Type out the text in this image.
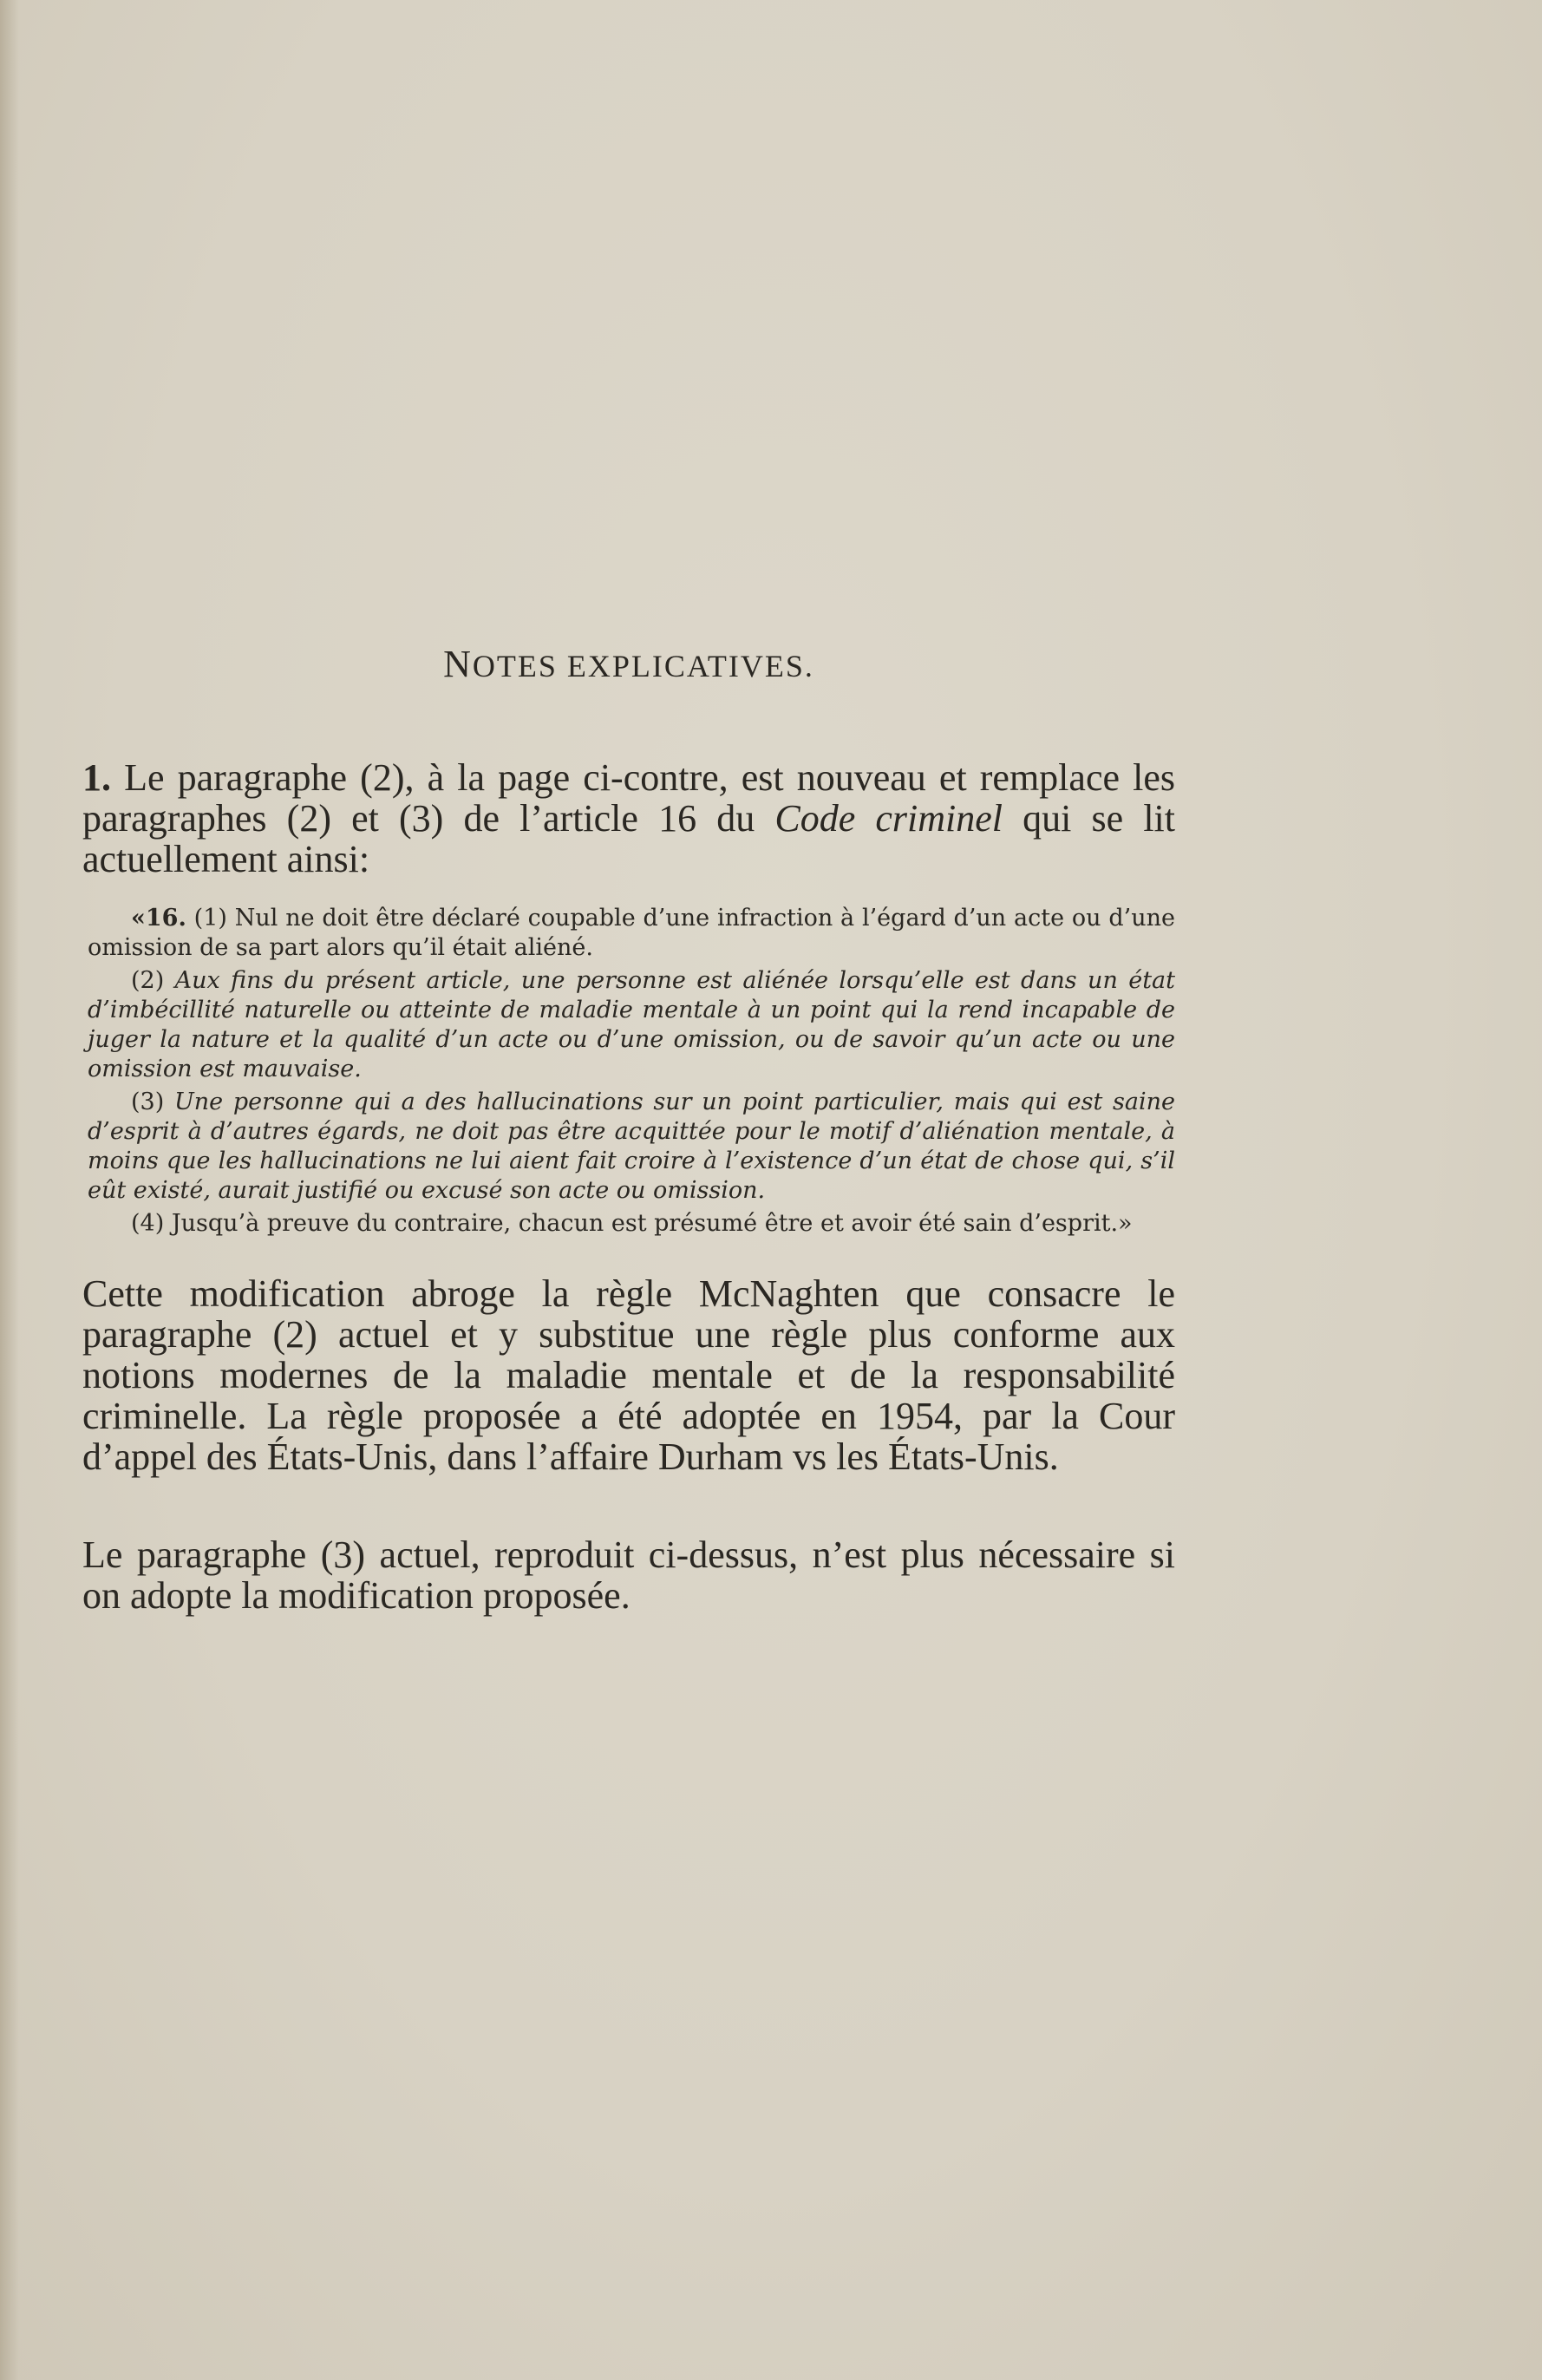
NOTES EXPLICATIVES.

1. Le paragraphe (2), à la page ci-contre, est nouveau et remplace les paragraphes (2) et (3) de l’article 16 du Code criminel qui se lit actuellement ainsi:

«16. (1) Nul ne doit être déclaré coupable d’une infraction à l’égard d’un acte ou d’une omission de sa part alors qu’il était aliéné.

(2) Aux fins du présent article, une personne est aliénée lorsqu’elle est dans un état d’imbécillité naturelle ou atteinte de maladie mentale à un point qui la rend incapable de juger la nature et la qualité d’un acte ou d’une omission, ou de savoir qu’un acte ou une omission est mauvaise.

(3) Une personne qui a des hallucinations sur un point particulier, mais qui est saine d’esprit à d’autres égards, ne doit pas être acquittée pour le motif d’aliénation mentale, à moins que les hallucinations ne lui aient fait croire à l’existence d’un état de chose qui, s’il eût existé, aurait justifié ou excusé son acte ou omission.

(4) Jusqu’à preuve du contraire, chacun est présumé être et avoir été sain d’esprit.»

Cette modification abroge la règle McNaghten que consacre le paragraphe (2) actuel et y substitue une règle plus conforme aux notions modernes de la maladie mentale et de la responsabilité criminelle. La règle proposée a été adoptée en 1954, par la Cour d’appel des États-Unis, dans l’affaire Durham vs les États-Unis.

Le paragraphe (3) actuel, reproduit ci-dessus, n’est plus nécessaire si on adopte la modification proposée.
